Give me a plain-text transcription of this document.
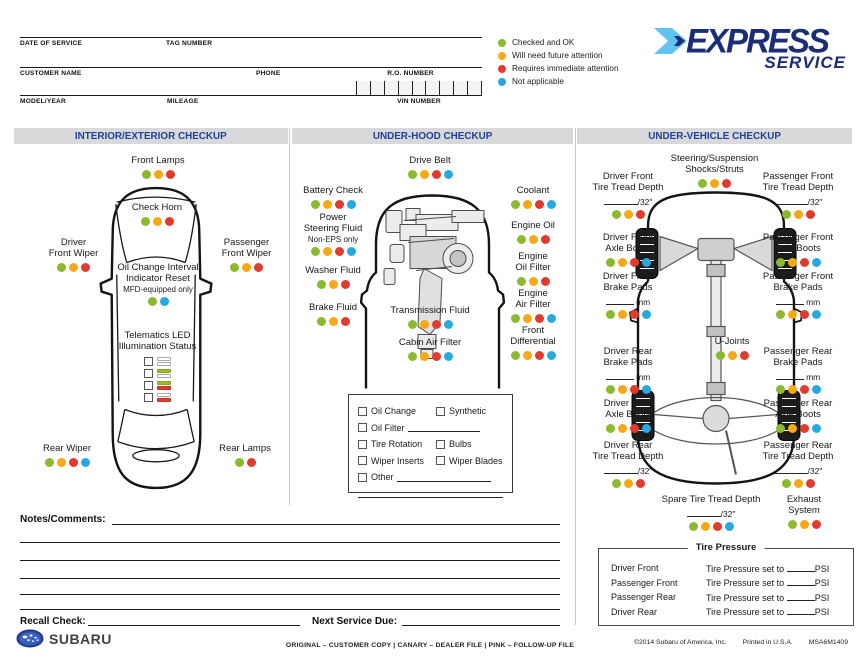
DATE OF SERVICE	TAG NUMBER
CUSTOMER NAME	PHONE	R.O. NUMBER
MODEL/YEAR	MILEAGE	VIN NUMBER
Checked and OK
Will need future attention
Requires immediate attention
Not applicable
EXPRESS
SERVICE
INTERIOR/EXTERIOR CHECKUP	UNDER-HOOD CHECKUP	UNDER-VEHICLE CHECKUP
Front Lamps
Check Horn
Driver
Front Wiper
Passenger
Front Wiper
Oil Change Interval
Indicator Reset
MFD-equipped only
Telematics LED
Illumination Status
Rear Wiper	Rear Lamps
Drive Belt
Battery Check
Power
Steering Fluid
Non-EPS only
Washer Fluid
Brake Fluid
Coolant
Engine Oil
Engine
Oil Filter
Engine
Air Filter
Front
Differential
Transmission Fluid
Cabin Air Filter
Oil Change	Synthetic
Oil Filter
Tire Rotation	Bulbs
Wiper Inserts	Wiper Blades
Other
Steering/Suspension
Shocks/Struts
Driver Front
Tire Tread Depth
/32"
Passenger Front
Tire Tread Depth
/32"
Driver Front
Axle Boots
Passenger Front
Axle Boots
Driver Front
Brake Pads
mm
Passenger Front
Brake Pads
mm
U-Joints
Driver Rear
Brake Pads
mm
Passenger Rear
Brake Pads
mm
Driver Rear
Axle Boots
Passenger Rear
Axle Boots
Driver Rear
Tire Tread Depth
/32"
Passenger Rear
Tire Tread Depth
/32"
Spare Tire Tread Depth
/32"
Exhaust
System
Tire Pressure
Driver Front	Tire Pressure set to	PSI
Passenger Front	Tire Pressure set to	PSI
Passenger Rear	Tire Pressure set to	PSI
Driver Rear	Tire Pressure set to	PSI
Notes/Comments:
Recall Check:	Next Service Due:
SUBARU	ORIGINAL – CUSTOMER COPY | CANARY – DEALER FILE | PINK – FOLLOW-UP FILE	©2014 Subaru of America, Inc. Printed in U.S.A. MSA6M1409
